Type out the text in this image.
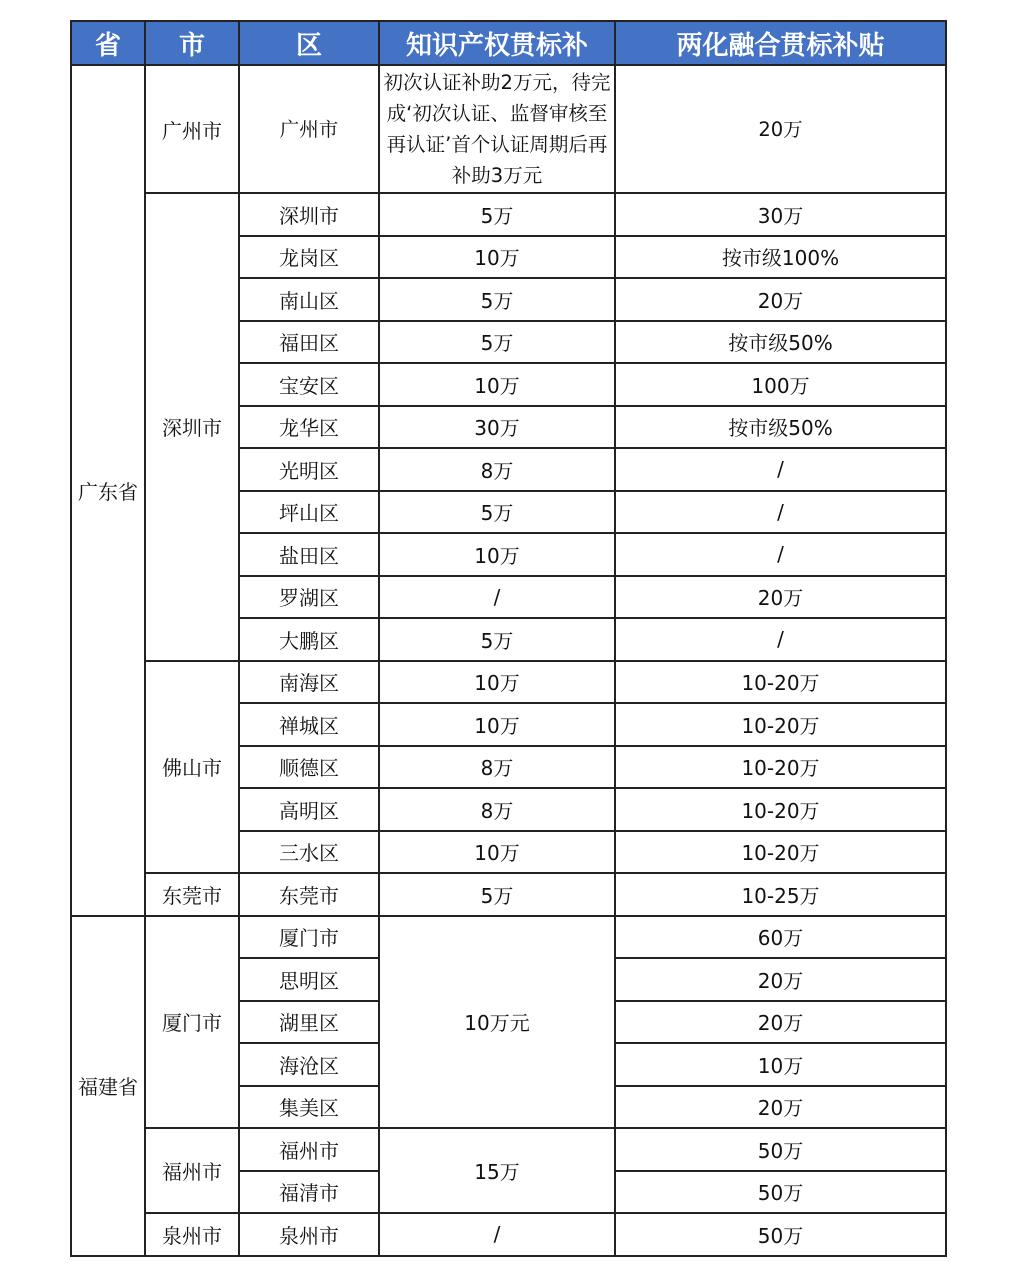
省	市	区	知识产权贯标补	两化融合贯标补贴
广东省	广州市	广州市	初次认证补助2万元，待完成‘初次认证、监督审核至再认证’首个认证周期后再补助3万元	20万
	深圳市	深圳市	5万	30万
		龙岗区	10万	按市级100%
		南山区	5万	20万
		福田区	5万	按市级50%
		宝安区	10万	100万
		龙华区	30万	按市级50%
		光明区	8万	/
		坪山区	5万	/
		盐田区	10万	/
		罗湖区	/	20万
		大鹏区	5万	/
	佛山市	南海区	10万	10-20万
		禅城区	10万	10-20万
		顺德区	8万	10-20万
		高明区	8万	10-20万
		三水区	10万	10-20万
	东莞市	东莞市	5万	10-25万
福建省	厦门市	厦门市	10万元	60万
		思明区		20万
		湖里区		20万
		海沧区		10万
		集美区		20万
	福州市	福州市	15万	50万
		福清市		50万
	泉州市	泉州市	/	50万
